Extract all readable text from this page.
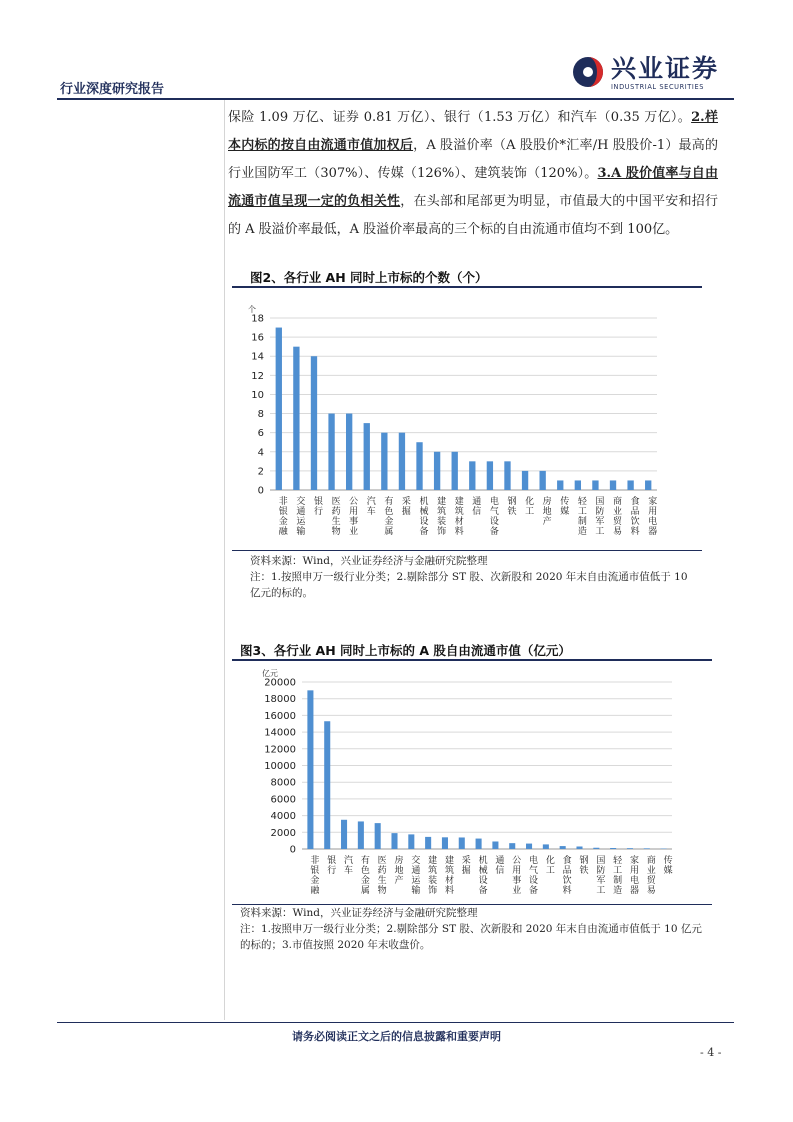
行业深度研究报告
兴业证券
INDUSTRIAL SECURITIES
保险 1.09 万亿、证券 0.81 万亿）、银行（1.53 万亿）和汽车（0.35 万亿）。2.样本内标的按自由流通市值加权后，A 股溢价率（A 股股价*汇率/H 股股价-1）最高的行业国防军工（307%）、传媒（126%）、建筑装饰（120%）。3.A 股价值率与自由流通市值呈现一定的负相关性，在头部和尾部更为明显，市值最大的中国平安和招行的 A 股溢价率最低，A 股溢价率最高的三个标的自由流通市值均不到 100亿。
图2、各行业 AH 同时上市标的个数（个）
个
0
2
4
6
8
10
12
14
16
18
非银金融 交通运输 银行 医药生物 公用事业 汽车 有色金属 采掘 机械设备 建筑装饰 建筑材料 通信 电气设备 钢铁 化工 房地产 传媒 轻工制造 国防军工 商业贸易 食品饮料 家用电器
资料来源：Wind，兴业证券经济与金融研究院整理
注：1.按照申万一级行业分类；2.剔除部分 ST 股、次新股和 2020 年末自由流通市值低于 10 亿元的标的。
图3、各行业 AH 同时上市标的 A 股自由流通市值（亿元）
亿元
0
2000
4000
6000
8000
10000
12000
14000
16000
18000
20000
非银金融 银行 汽车 有色金属 医药生物 房地产 交通运输 建筑装饰 建筑材料 采掘 机械设备 通信 公用事业 电气设备 化工 食品饮料 钢铁 国防军工 轻工制造 家用电器 商业贸易 传媒
资料来源：Wind，兴业证券经济与金融研究院整理
注：1.按照申万一级行业分类；2.剔除部分 ST 股、次新股和 2020 年末自由流通市值低于 10 亿元的标的；3.市值按照 2020 年末收盘价。
请务必阅读正文之后的信息披露和重要声明
- 4 -
